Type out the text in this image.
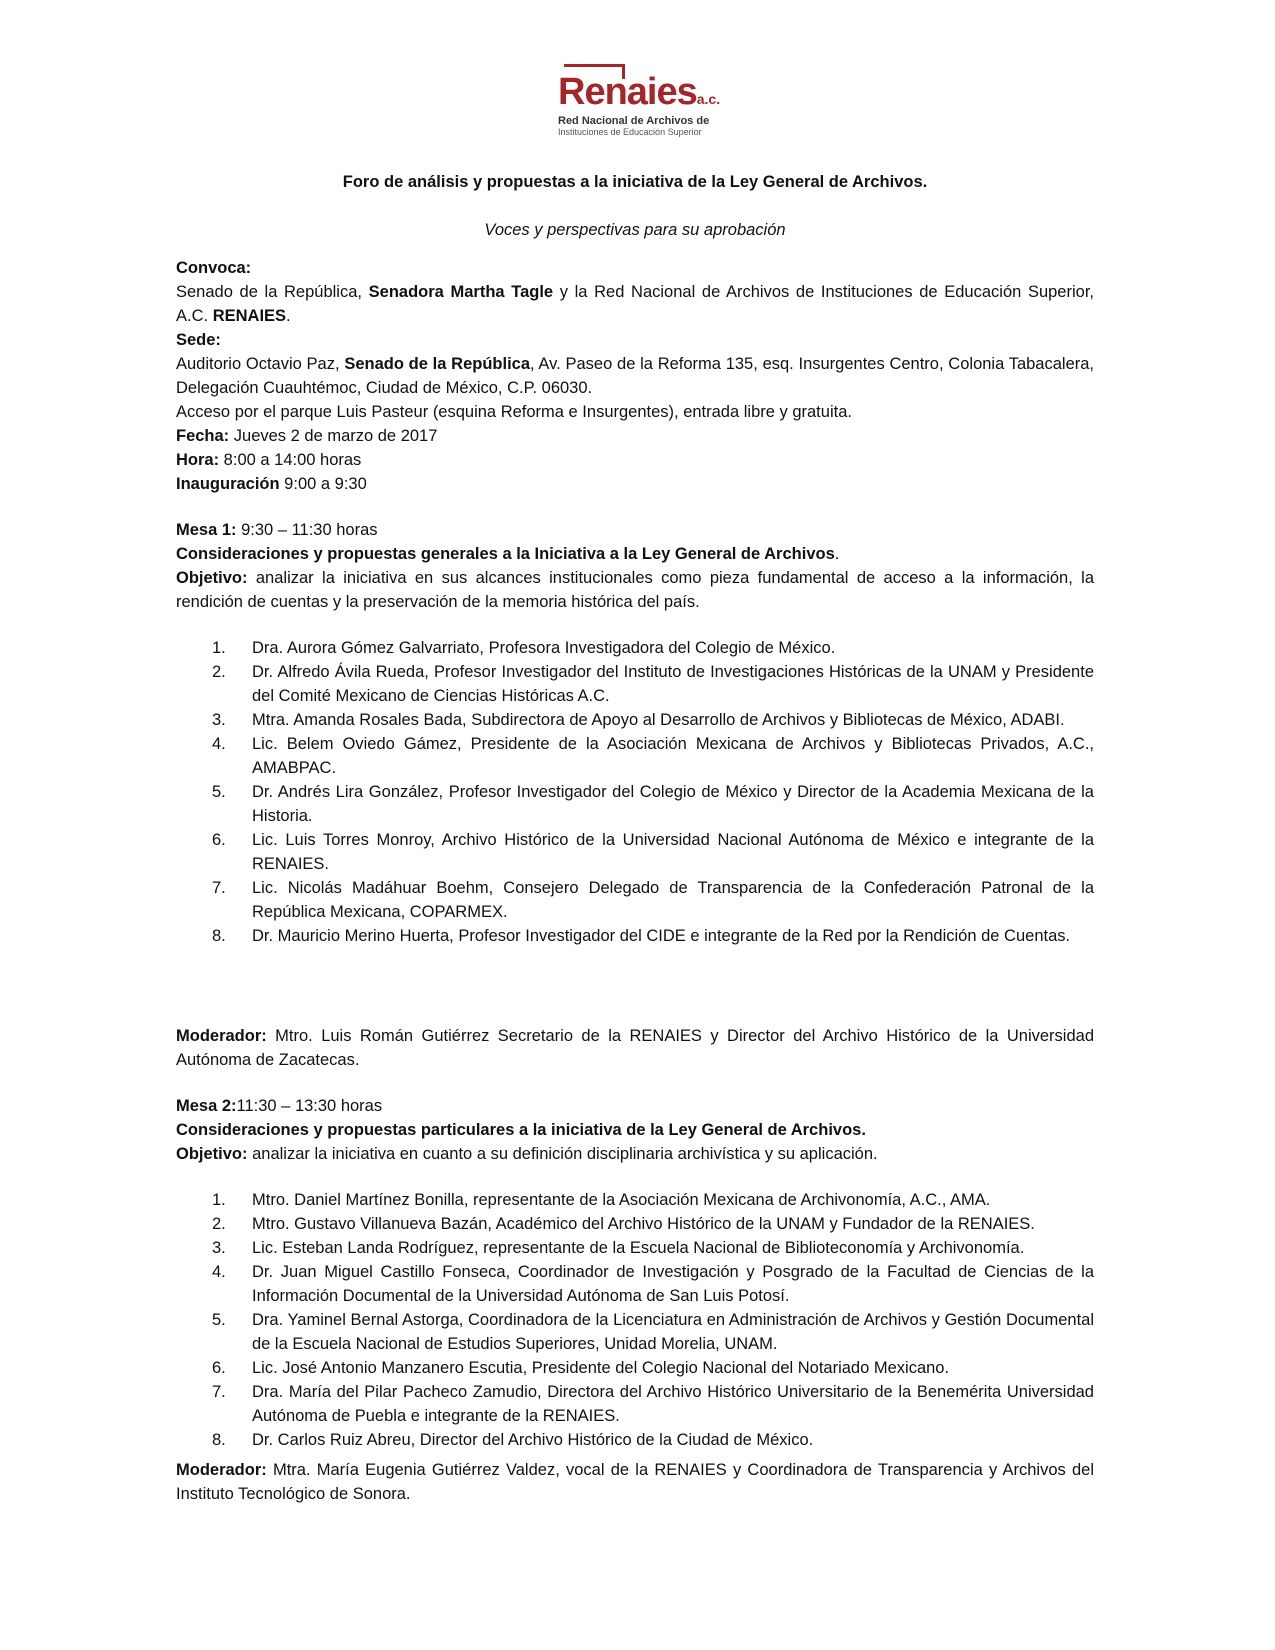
Renaiesa.c.
Red Nacional de Archivos de
Instituciones de Educación Superior
Foro de análisis y propuestas a la iniciativa de la Ley General de Archivos.
Voces y perspectivas para su aprobación

Convoca:

Senado de la República, Senadora Martha Tagle y la Red Nacional de Archivos de Instituciones de Educación Superior, A.C. RENAIES.

Sede:

Auditorio Octavio Paz, Senado de la República, Av. Paseo de la Reforma 135, esq. Insurgentes Centro, Colonia Tabacalera, Delegación Cuauhtémoc, Ciudad de México, C.P. 06030.

Acceso por el parque Luis Pasteur (esquina Reforma e Insurgentes), entrada libre y gratuita.

Fecha: Jueves 2 de marzo de 2017

Hora: 8:00 a 14:00 horas

Inauguración 9:00 a 9:30

Mesa 1: 9:30 – 11:30 horas

Consideraciones y propuestas generales a la Iniciativa a la Ley General de Archivos.

Objetivo: analizar la iniciativa en sus alcances institucionales como pieza fundamental de acceso a la información, la rendición de cuentas y la preservación de la memoria histórica del país.

1. Dra. Aurora Gómez Galvarriato, Profesora Investigadora del Colegio de México.
2. Dr. Alfredo Ávila Rueda, Profesor Investigador del Instituto de Investigaciones Históricas de la UNAM y Presidente del Comité Mexicano de Ciencias Históricas A.C.
3. Mtra. Amanda Rosales Bada, Subdirectora de Apoyo al Desarrollo de Archivos y Bibliotecas de México, ADABI.
4. Lic. Belem Oviedo Gámez, Presidente de la Asociación Mexicana de Archivos y Bibliotecas Privados, A.C., AMABPAC.
5. Dr. Andrés Lira González, Profesor Investigador del Colegio de México y Director de la Academia Mexicana de la Historia.
6. Lic. Luis Torres Monroy, Archivo Histórico de la Universidad Nacional Autónoma de México e integrante de la RENAIES.
7. Lic. Nicolás Madáhuar Boehm, Consejero Delegado de Transparencia de la Confederación Patronal de la República Mexicana, COPARMEX.
8. Dr. Mauricio Merino Huerta, Profesor Investigador del CIDE e integrante de la Red por la Rendición de Cuentas.

Moderador: Mtro. Luis Román Gutiérrez Secretario de la RENAIES y Director del Archivo Histórico de la Universidad Autónoma de Zacatecas.

Mesa 2:11:30 – 13:30 horas

Consideraciones y propuestas particulares a la iniciativa de la Ley General de Archivos.

Objetivo: analizar la iniciativa en cuanto a su definición disciplinaria archivística y su aplicación.

1. Mtro. Daniel Martínez Bonilla, representante de la Asociación Mexicana de Archivonomía, A.C., AMA.
2. Mtro. Gustavo Villanueva Bazán, Académico del Archivo Histórico de la UNAM y Fundador de la RENAIES.
3. Lic. Esteban Landa Rodríguez, representante de la Escuela Nacional de Biblioteconomía y Archivonomía.
4. Dr. Juan Miguel Castillo Fonseca, Coordinador de Investigación y Posgrado de la Facultad de Ciencias de la Información Documental de la Universidad Autónoma de San Luis Potosí.
5. Dra. Yaminel Bernal Astorga, Coordinadora de la Licenciatura en Administración de Archivos y Gestión Documental de la Escuela Nacional de Estudios Superiores, Unidad Morelia, UNAM.
6. Lic. José Antonio Manzanero Escutia, Presidente del Colegio Nacional del Notariado Mexicano.
7. Dra. María del Pilar Pacheco Zamudio, Directora del Archivo Histórico Universitario de la Benemérita Universidad Autónoma de Puebla e integrante de la RENAIES.
8. Dr. Carlos Ruiz Abreu, Director del Archivo Histórico de la Ciudad de México.

Moderador: Mtra. María Eugenia Gutiérrez Valdez, vocal de la RENAIES y Coordinadora de Transparencia y Archivos del Instituto Tecnológico de Sonora.
